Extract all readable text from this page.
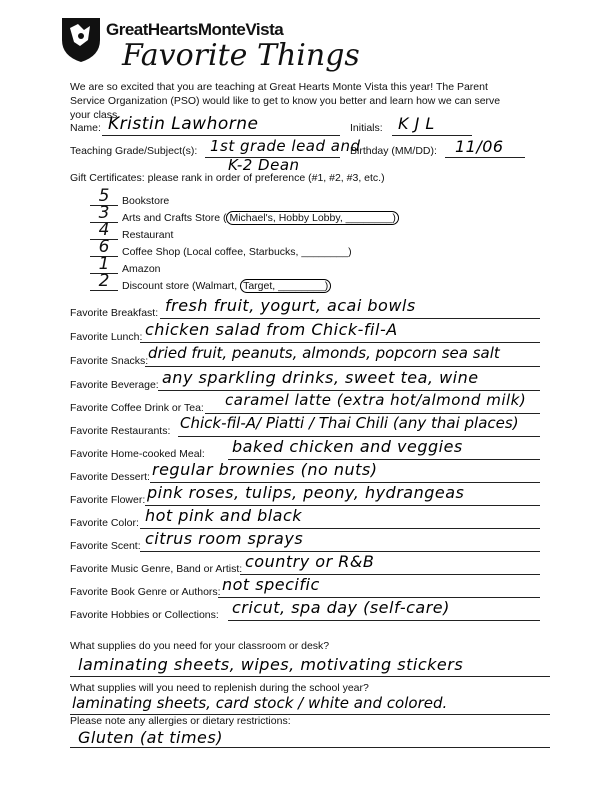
GreatHeartsMonteVista
Favorite Things
We are so excited that you are teaching at Great Hearts Monte Vista this year! The Parent Service Organization (PSO) would like to get to know you better and learn how we can serve your class.
Name: Kristin Lawhorne	Initials: K J L
Teaching Grade/Subject(s): 1st grade lead and
K-2 Dean
Birthday (MM/DD): 11/06
Gift Certificates: please rank in order of preference (#1, #2, #3, etc.)
5	Bookstore
3	Arts and Crafts Store ( Michael's, Hobby Lobby, ________)
4	Restaurant
6	Coffee Shop (Local coffee, Starbucks, ________)
1	Amazon
2	Discount store (Walmart, Target, ________)
Favorite Breakfast: fresh fruit, yogurt, acai bowls
Favorite Lunch: chicken salad from Chick-fil-A
Favorite Snacks: dried fruit, peanuts, almonds, popcorn sea salt
Favorite Beverage: any sparkling drinks, sweet tea, wine
Favorite Coffee Drink or Tea: caramel latte (extra hot/almond milk)
Favorite Restaurants: Chick-fil-A/ Piatti / Thai Chili (any thai places)
Favorite Home-cooked Meal: baked chicken and veggies
Favorite Dessert: regular brownies (no nuts)
Favorite Flower: pink roses, tulips, peony, hydrangeas
Favorite Color: hot pink and black
Favorite Scent: citrus room sprays
Favorite Music Genre, Band or Artist: country or R&B
Favorite Book Genre or Authors: not specific
Favorite Hobbies or Collections: cricut, spa day (self-care)
What supplies do you need for your classroom or desk?
laminating sheets, wipes, motivating stickers
What supplies will you need to replenish during the school year?
laminating sheets, card stock / white and colored.
Please note any allergies or dietary restrictions:
Gluten (at times)
